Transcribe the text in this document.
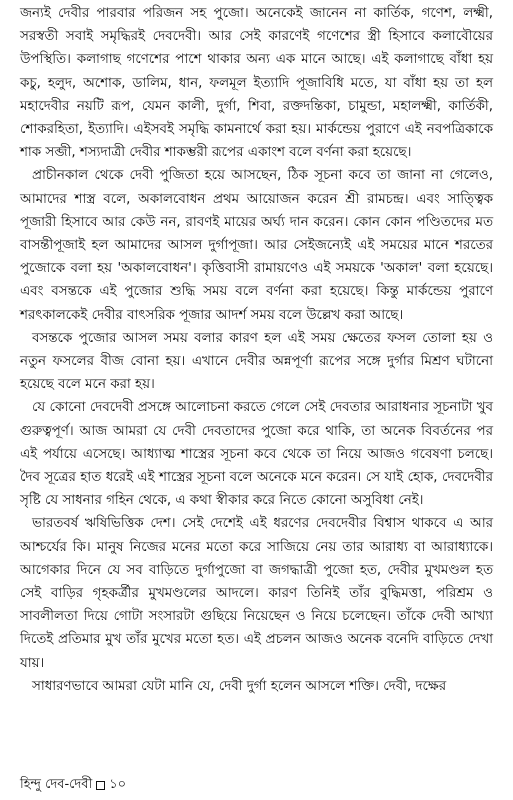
জন্যই দেবীর পারবার পরিজন সহ পুজো। অনেকেই জানেন না কার্তিক, গণেশ, লক্ষ্মী, সরস্বতী সবাই সমৃদ্ধিরই দেবদেবী। আর সেই কারণেই গণেশের স্ত্রী হিসাবে কলাবৌয়ের উপস্থিতি। কলাগাছ গণেশের পাশে থাকার অন্য এক মানে আছে। এই কলাগাছে বাঁধা হয় কচু, হলুদ, অশোক, ডালিম, ধান, ফলমূল ইত্যাদি পূজাবিধি মতে, যা বাঁধা হয় তা হল মহাদেবীর নয়টি রূপ, যেমন কালী, দুর্গা, শিবা, রক্তদন্তিকা, চামুন্ডা, মহালক্ষ্মী, কার্তিকী, শোকরহিতা, ইত্যাদি। এইসবই সমৃদ্ধি কামনার্থে করা হয়। মার্কন্ডেয় পুরাণে এই নবপত্রিকাকে শাক সব্জী, শস্যদাত্রী দেবীর শাকম্ভরী রূপের একাংশ বলে বর্ণনা করা হয়েছে।

প্রাচীনকাল থেকে দেবী পুজিতা হয়ে আসছেন, ঠিক সূচনা কবে তা জানা না গেলেও, আমাদের শাস্ত্র বলে, অকালবোধন প্রথম আয়োজন করেন শ্রী রামচন্দ্র। এবং সাত্ত্বিক পূজারী হিসাবে আর কেউ নন, রাবণই মায়ের অর্ঘ্য দান করেন। কোন কোন পণ্ডিতদের মত বাসন্তীপূজাই হল আমাদের আসল দুর্গাপূজা। আর সেইজন্যেই এই সময়ের মানে শরতের পুজোকে বলা হয় 'অকালবোধন'। কৃত্তিবাসী রামায়ণেও এই সময়কে 'অকাল' বলা হয়েছে। এবং বসন্তকে এই পুজোর শুদ্ধি সময় বলে বর্ণনা করা হয়েছে। কিন্তু মার্কন্ডেয় পুরাণে শরৎকালকেই দেবীর বাৎসরিক পূজার আদর্শ সময় বলে উল্লেখ করা আছে।

বসন্তকে পুজোর আসল সময় বলার কারণ হল এই সময় ক্ষেতের ফসল তোলা হয় ও নতুন ফসলের বীজ বোনা হয়। এখানে দেবীর অন্নপূর্ণা রূপের সঙ্গে দুর্গার মিশ্রণ ঘটানো হয়েছে বলে মনে করা হয়।

যে কোনো দেবদেবী প্রসঙ্গে আলোচনা করতে গেলে সেই দেবতার আরাধনার সূচনাটা খুব গুরুত্বপূর্ণ। আজ আমরা যে দেবী দেবতাদের পুজো করে থাকি, তা অনেক বিবর্তনের পর এই পর্যায়ে এসেছে। আধ্যাত্ম শাস্ত্রের সূচনা কবে থেকে তা নিয়ে আজও গবেষণা চলছে। দৈব সূত্রের হাত ধরেই এই শাস্ত্রের সূচনা বলে অনেকে মনে করেন। সে যাই হোক, দেবদেবীর সৃষ্টি যে সাধনার গহিন থেকে, এ কথা স্বীকার করে নিতে কোনো অসুবিধা নেই।

ভারতবর্ষ ঋষিভিত্তিক দেশ। সেই দেশেই এই ধরণের দেবদেবীর বিশ্বাস থাকবে এ আর আশ্চর্যের কি। মানুষ নিজের মনের মতো করে সাজিয়ে নেয় তার আরাধ্য বা আরাধ্যাকে। আগেকার দিনে যে সব বাড়িতে দুর্গাপুজো বা জগদ্ধাত্রী পুজো হত, দেবীর মুখমণ্ডল হত সেই বাড়ির গৃহকর্ত্রীর মুখমণ্ডলের আদলে। কারণ তিনিই তাঁর বুদ্ধিমত্তা, পরিশ্রম ও সাবলীলতা দিয়ে গোটা সংসারটা গুছিয়ে নিয়েছেন ও নিয়ে চলেছেন। তাঁকে দেবী আখ্যা দিতেই প্রতিমার মুখ তাঁর মুখের মতো হত। এই প্রচলন আজও অনেক বনেদি বাড়িতে দেখা যায়।

সাধারণভাবে আমরা যেটা মানি যে, দেবী দুর্গা হলেন আসলে শক্তি। দেবী, দক্ষের

হিন্দু দেব-দেবী ১০
